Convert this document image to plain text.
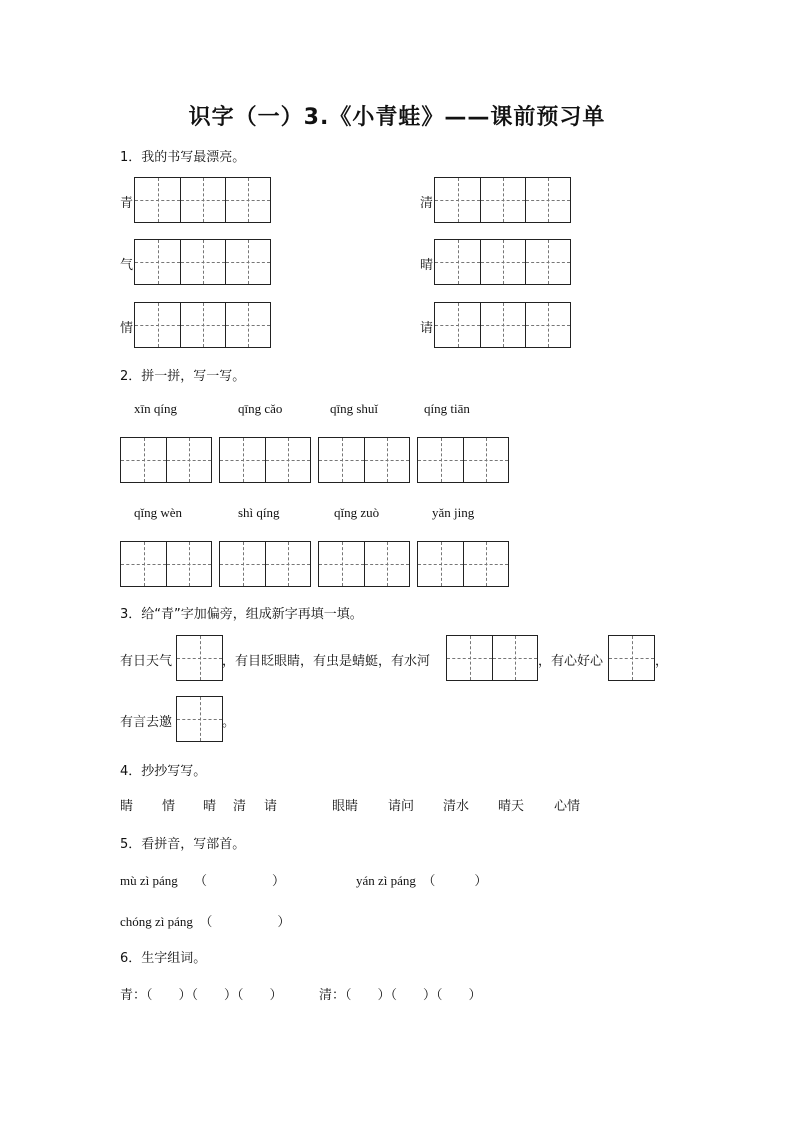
识字（一）3.《小青蛙》——课前预习单
1．我的书写最漂亮。
青	清
气	晴
情	请
2．拼一拼，写一写。
xīn qíng	qīng cǎo	qīng shuǐ	qíng tiān
qǐng wèn	shì qíng	qǐng zuò	yǎn jing
3．给“青”字加偏旁，组成新字再填一填。
有日天气	，有目眨眼睛，有虫是蜻蜓，有水河	，有心好心	，
有言去邀	。
4．抄抄写写。
睛 情 晴 清 请	眼睛 请问 清水 晴天 心情
5．看拼音，写部首。
mù zì páng　 （　　　　　）	yán zì páng　（　　　）
chóng zì páng　（　　　　　）
6．生字组词。
青：（　　）（　　）（　　）	清：（　　）（　　）（　　）
